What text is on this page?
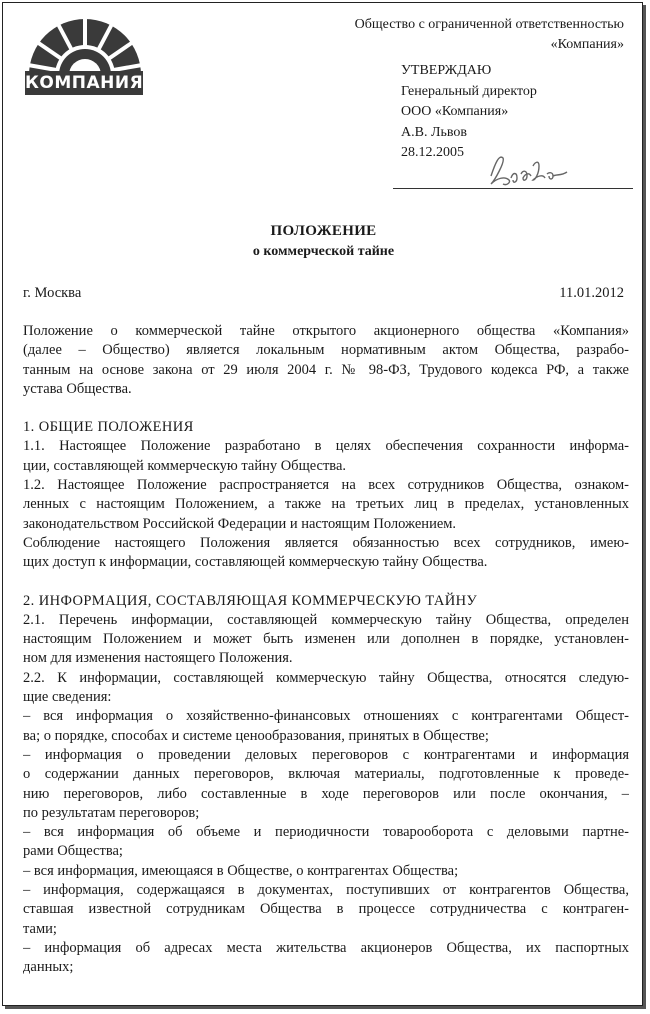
КОМПАНИЯ
Общество с ограниченной ответственностью
«Компания»
УТВЕРЖДАЮ
Генеральный директор
ООО «Компания»
А.В. Львов
28.12.2005
ПОЛОЖЕНИЕ
о коммерческой тайне
г. Москва	11.01.2012
Положение о коммерческой тайне открытого акционерного общества «Компания»
(далее – Общество) является локальным нормативным актом Общества, разрабо-
танным на основе закона от 29 июля 2004 г. № 98-ФЗ, Трудового кодекса РФ, а также
устава Общества.
1. ОБЩИЕ ПОЛОЖЕНИЯ
1.1. Настоящее Положение разработано в целях обеспечения сохранности информа-
ции, составляющей коммерческую тайну Общества.
1.2. Настоящее Положение распространяется на всех сотрудников Общества, ознаком-
ленных с настоящим Положением, а также на третьих лиц в пределах, установленных
законодательством Российской Федерации и настоящим Положением.
Соблюдение настоящего Положения является обязанностью всех сотрудников, имею-
щих доступ к информации, составляющей коммерческую тайну Общества.
2. ИНФОРМАЦИЯ, СОСТАВЛЯЮЩАЯ КОММЕРЧЕСКУЮ ТАЙНУ
2.1. Перечень информации, составляющей коммерческую тайну Общества, определен
настоящим Положением и может быть изменен или дополнен в порядке, установлен-
ном для изменения настоящего Положения.
2.2. К информации, составляющей коммерческую тайну Общества, относятся следую-
щие сведения:
– вся информация о хозяйственно-финансовых отношениях с контрагентами Общест-
ва; о порядке, способах и системе ценообразования, принятых в Обществе;
– информация о проведении деловых переговоров с контрагентами и информация
о содержании данных переговоров, включая материалы, подготовленные к проведе-
нию переговоров, либо составленные в ходе переговоров или после окончания, –
по результатам переговоров;
– вся информация об объеме и периодичности товарооборота с деловыми партне-
рами Общества;
– вся информация, имеющаяся в Обществе, о контрагентах Общества;
– информация, содержащаяся в документах, поступивших от контрагентов Общества,
ставшая известной сотрудникам Общества в процессе сотрудничества с контраген-
тами;
– информация об адресах места жительства акционеров Общества, их паспортных
данных;
